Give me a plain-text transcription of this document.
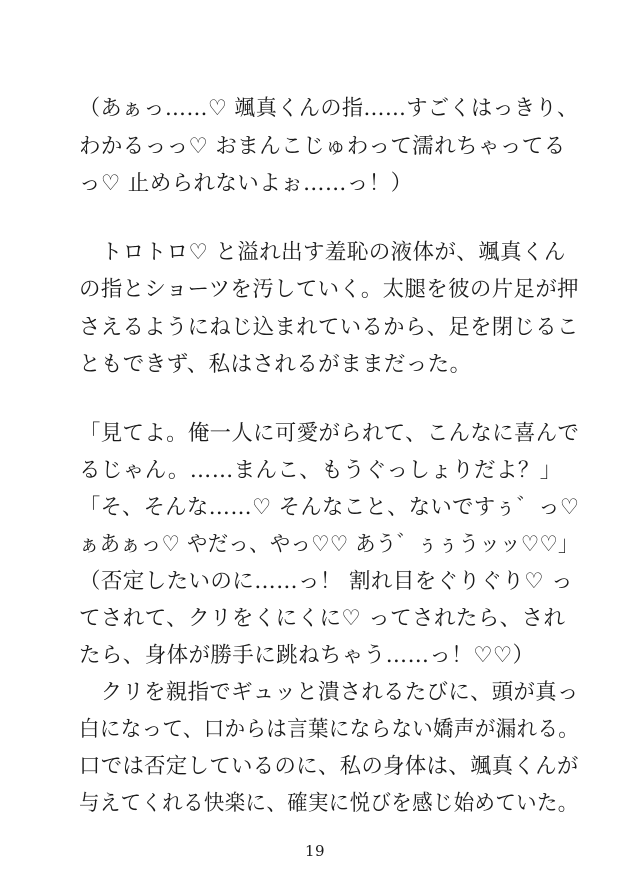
（あぁっ……♡ 颯真くんの指……すごくはっきり、
わかるっっ♡ おまんこじゅわって濡れちゃってる
っ♡ 止められないよぉ……っ！）
　トロトロ♡ と溢れ出す羞恥の液体が、颯真くん
の指とショーツを汚していく。太腿を彼の片足が押
さえるようにねじ込まれているから、足を閉じるこ
ともできず、私はされるがままだった。
「見てよ。俺一人に可愛がられて、こんなに喜んで
るじゃん。……まんこ、もうぐっしょりだよ？」
「そ、そんな……♡ そんなこと、ないですぅ゛っ♡
ぁあぁっ♡ やだっ、やっ♡♡ あう゛ぅぅうッッ♡♡」
（否定したいのに……っ！ 割れ目をぐりぐり♡ っ
てされて、クリをくにくに♡ ってされたら、され
たら、身体が勝手に跳ねちゃう……っ！♡♡）
　クリを親指でギュッと潰されるたびに、頭が真っ
白になって、口からは言葉にならない嬌声が漏れる。
口では否定しているのに、私の身体は、颯真くんが
与えてくれる快楽に、確実に悦びを感じ始めていた。
19
